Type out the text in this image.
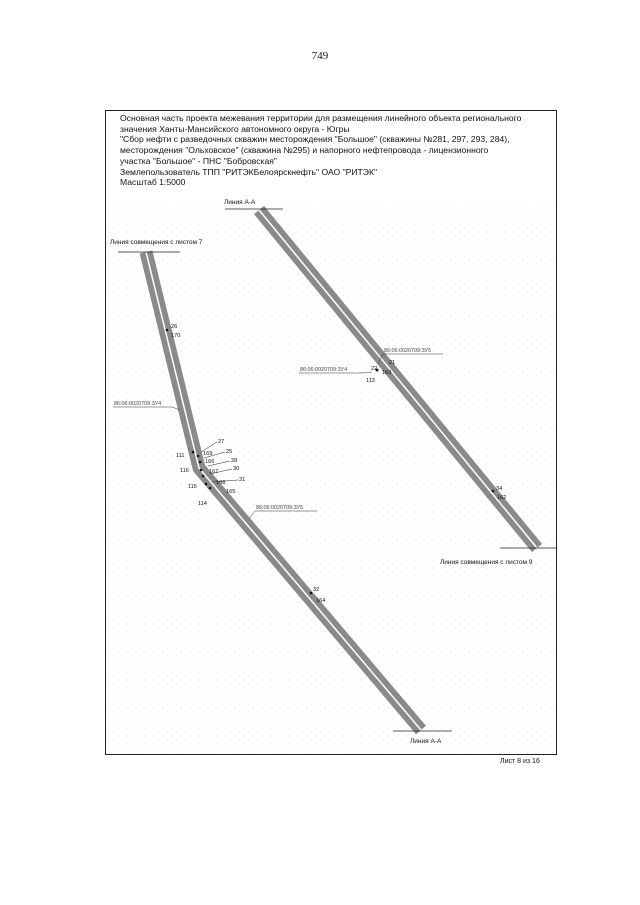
749
Основная часть проекта межевания территории для размещения линейного объекта регионального
значения Ханты-Мансийского автономного округа - Югры
"Сбор нефти с разведочных скважин месторождения "Большое" (скважины №281, 297, 293, 284),
месторождения "Ольховское" (скважина №295) и напорного нефтепровода - лицензионного
участка "Большое" - ПНС "Бобровская"
Землепользователь ТПП "РИТЭКБелоярскнефть" ОАО "РИТЭК"
Масштаб 1:5000
Линия А-А
Линия совмещения с листом 7
Линия совмещения с листом 9
Линия А-А
86:06:0020709:ЗУ5
86:06:0020709:ЗУ4
86:06:0020709:ЗУ4
86:06:0020709:ЗУ5
26
170
21
22
163
113
27
111	169 25
166	28
116	167	30
115
168 31
165
114
32
164
34
162
Лист 8 из 16
